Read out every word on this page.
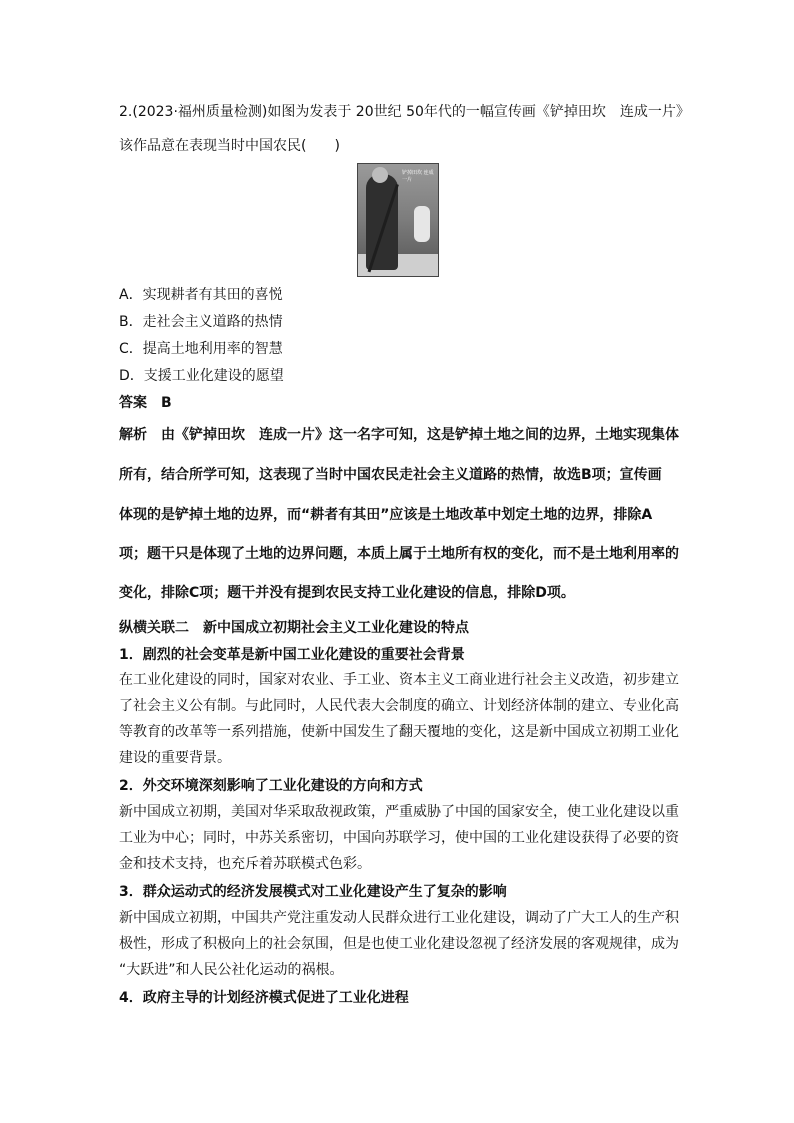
2.(2023·福州质量检测)如图为发表于 20世纪 50年代的一幅宣传画《铲掉田坎　连成一片》
该作品意在表现当时中国农民(　　)
铲掉田坎 连成一片
A．实现耕者有其田的喜悦
B．走社会主义道路的热情
C．提高土地利用率的智慧
D．支援工业化建设的愿望
答案　B
解析　由《铲掉田坎　连成一片》这一名字可知，这是铲掉土地之间的边界，土地实现集体
所有，结合所学可知，这表现了当时中国农民走社会主义道路的热情，故选B项；宣传画
体现的是铲掉土地的边界，而“耕者有其田”应该是土地改革中划定土地的边界，排除A
项；题干只是体现了土地的边界问题，本质上属于土地所有权的变化，而不是土地利用率的
变化，排除C项；题干并没有提到农民支持工业化建设的信息，排除D项。
纵横关联二　新中国成立初期社会主义工业化建设的特点
1．剧烈的社会变革是新中国工业化建设的重要社会背景
在工业化建设的同时，国家对农业、手工业、资本主义工商业进行社会主义改造，初步建立
了社会主义公有制。与此同时，人民代表大会制度的确立、计划经济体制的建立、专业化高
等教育的改革等一系列措施，使新中国发生了翻天覆地的变化，这是新中国成立初期工业化
建设的重要背景。
2．外交环境深刻影响了工业化建设的方向和方式
新中国成立初期，美国对华采取敌视政策，严重威胁了中国的国家安全，使工业化建设以重
工业为中心；同时，中苏关系密切，中国向苏联学习，使中国的工业化建设获得了必要的资
金和技术支持，也充斥着苏联模式色彩。
3．群众运动式的经济发展模式对工业化建设产生了复杂的影响
新中国成立初期，中国共产党注重发动人民群众进行工业化建设，调动了广大工人的生产积
极性，形成了积极向上的社会氛围，但是也使工业化建设忽视了经济发展的客观规律，成为
“大跃进”和人民公社化运动的祸根。
4．政府主导的计划经济模式促进了工业化进程
